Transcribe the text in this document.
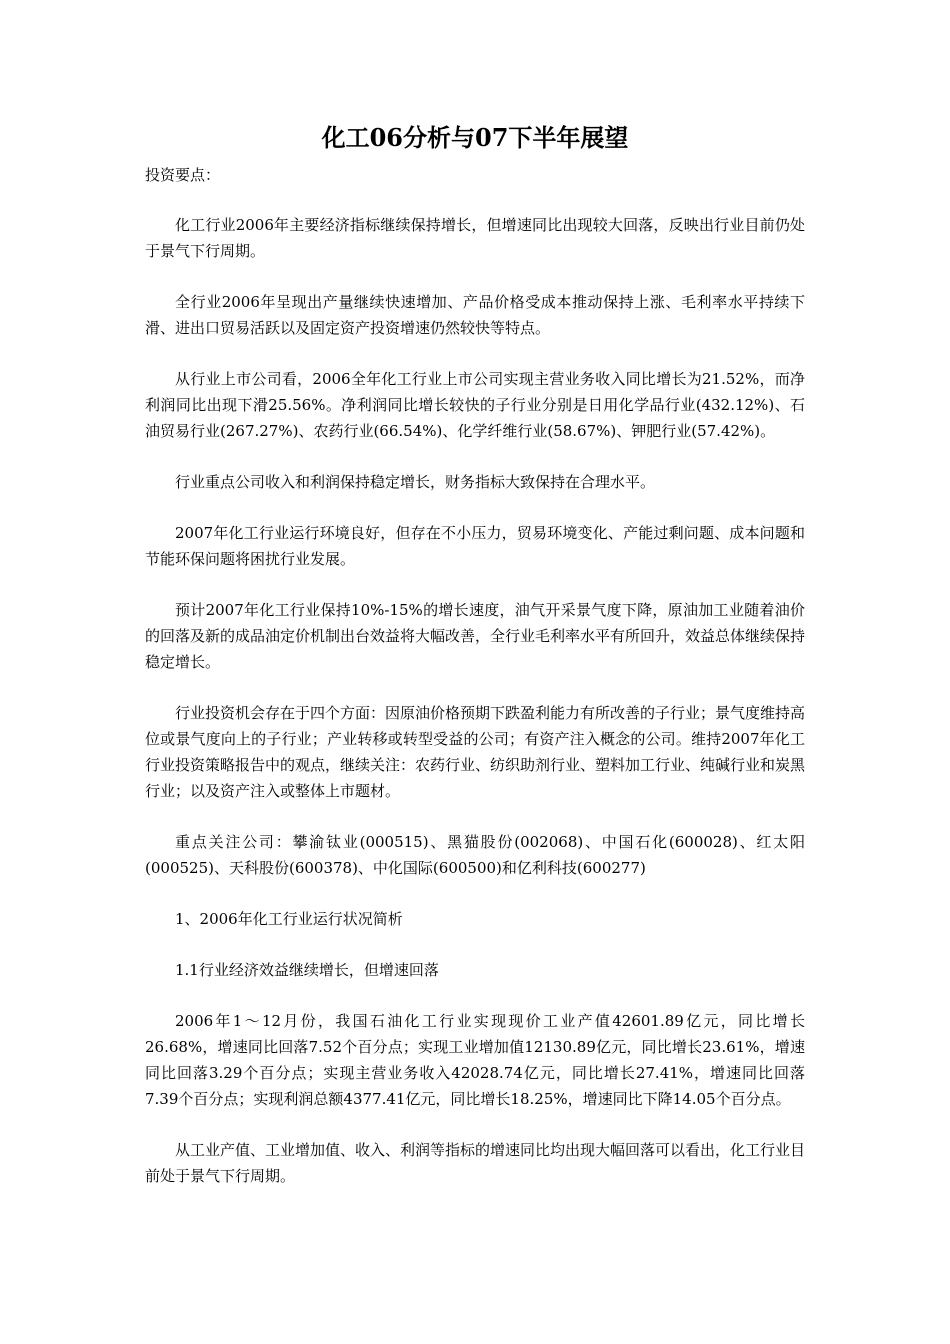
化工06分析与07下半年展望

投资要点：

化工行业2006年主要经济指标继续保持增长，但增速同比出现较大回落，反映出行业目前仍处于景气下行周期。

全行业2006年呈现出产量继续快速增加、产品价格受成本推动保持上涨、毛利率水平持续下滑、进出口贸易活跃以及固定资产投资增速仍然较快等特点。

从行业上市公司看，2006全年化工行业上市公司实现主营业务收入同比增长为21.52%，而净利润同比出现下滑25.56%。净利润同比增长较快的子行业分别是日用化学品行业(432.12%)、石油贸易行业(267.27%)、农药行业(66.54%)、化学纤维行业(58.67%)、钾肥行业(57.42%)。

行业重点公司收入和利润保持稳定增长，财务指标大致保持在合理水平。

2007年化工行业运行环境良好，但存在不小压力，贸易环境变化、产能过剩问题、成本问题和节能环保问题将困扰行业发展。

预计2007年化工行业保持10%-15%的增长速度，油气开采景气度下降，原油加工业随着油价的回落及新的成品油定价机制出台效益将大幅改善，全行业毛利率水平有所回升，效益总体继续保持稳定增长。

行业投资机会存在于四个方面：因原油价格预期下跌盈利能力有所改善的子行业；景气度维持高位或景气度向上的子行业；产业转移或转型受益的公司；有资产注入概念的公司。维持2007年化工行业投资策略报告中的观点，继续关注：农药行业、纺织助剂行业、塑料加工行业、纯碱行业和炭黑行业；以及资产注入或整体上市题材。

重点关注公司：攀渝钛业(000515)、黑猫股份(002068)、中国石化(600028)、红太阳(000525)、天科股份(600378)、中化国际(600500)和亿利科技(600277)

1、2006年化工行业运行状况简析

1.1行业经济效益继续增长，但增速回落

2006年1～12月份，我国石油化工行业实现现价工业产值42601.89亿元，同比增长26.68%，增速同比回落7.52个百分点；实现工业增加值12130.89亿元，同比增长23.61%，增速同比回落3.29个百分点；实现主营业务收入42028.74亿元，同比增长27.41%，增速同比回落7.39个百分点；实现利润总额4377.41亿元，同比增长18.25%，增速同比下降14.05个百分点。

从工业产值、工业增加值、收入、利润等指标的增速同比均出现大幅回落可以看出，化工行业目前处于景气下行周期。
